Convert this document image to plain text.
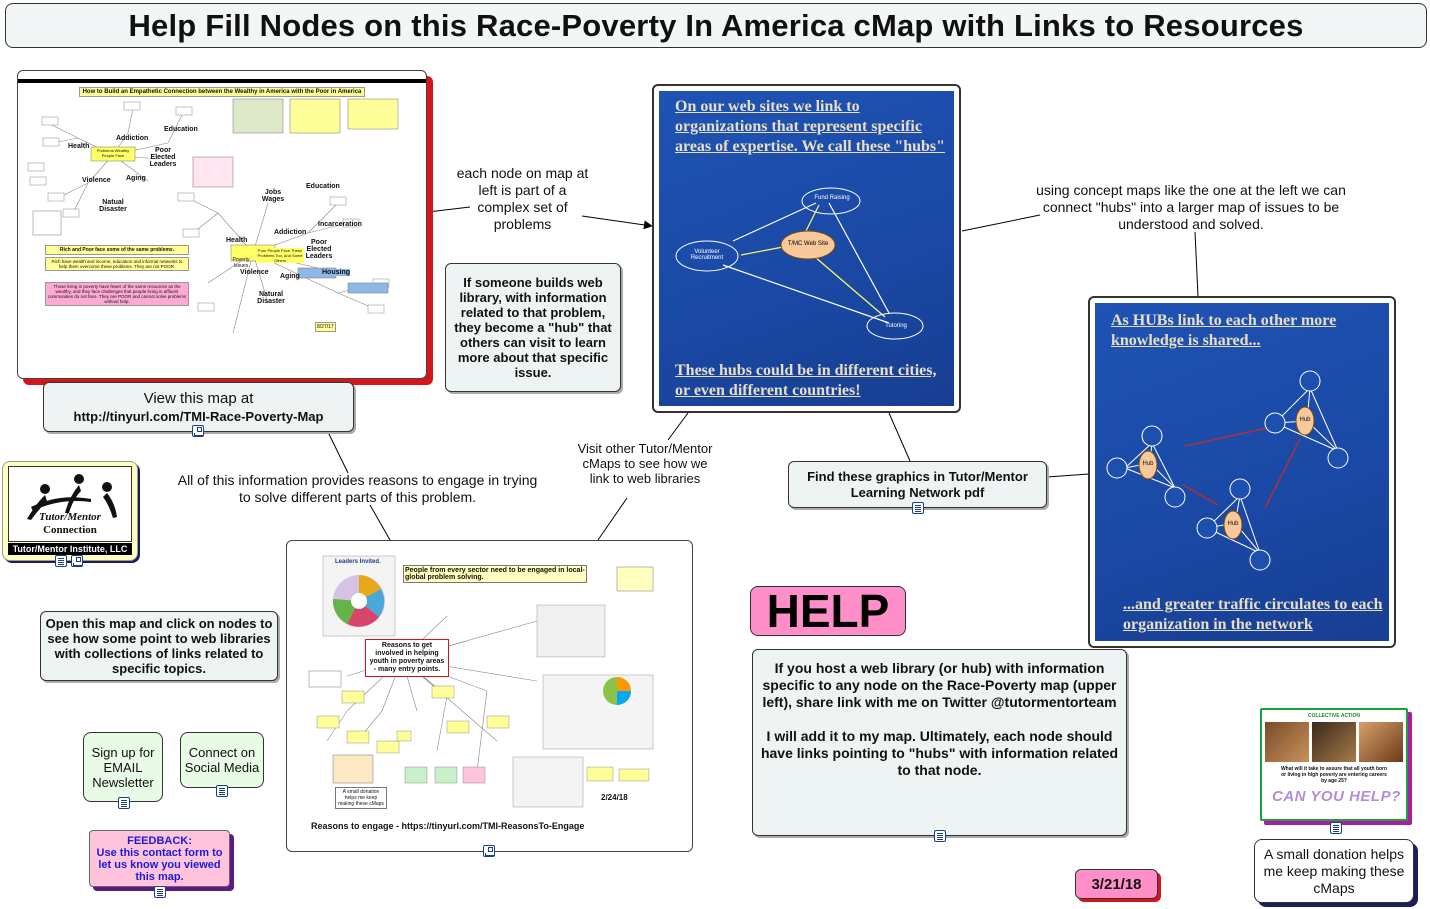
Help Fill Nodes on this Race-Poverty In America cMap with Links to Resources
How to Build an Empathetic Connection between the Wealthy in America with the Poor in America
Addiction
Education
Health
Poor Elected Leaders
Problems Wealthy People Face
Violence Aging
Natual Disaster
Jobs Wages
Education
Incarceration
Addiction
Health	Poor Elected Leaders
Poor People Face These Problems Too, And Some Others
Housing
Poverty Issues
Violence
Aging
Natural Disaster
Rich and Poor face some of the same problems.
Rich have wealth and income, education and informal networks to help them overcome these problems. They are not POOR.
Those living in poverty have fewer of the same resources as the wealthy, and they face challenges that people living in affluent communities do not face. They are POOR and cannot solve problems without help.
8/27/17
View this map at
http://tinyurl.com/TMI-Race-Poverty-Map
each node on map at left is part of a complex set of problems
If someone builds web library, with information related to that problem, they become a "hub" that others can visit to learn more about that specific issue.
On our web sites we link to organizations that represent specific areas of expertise. We call these "hubs"
Fund Raising
Volunteer Recruitment
T/MC Web Site
Tutoring
These hubs could be in different cities, or even different countries!
using concept maps like the one at the left we can connect "hubs" into a larger map of issues to be understood and solved.
As HUBs link to each other more knowledge is shared...
Hub
Hub
Hub
...and greater traffic circulates to each organization in the network
Find these graphics in Tutor/Mentor Learning Network pdf
Visit other Tutor/Mentor cMaps to see how we link to web libraries
All of this information provides reasons to engage in trying to solve different parts of this problem.
Tutor/Mentor
Connection
Tutor/Mentor Institute, LLC
Open this map and click on nodes to see how some point to web libraries with collections of links related to specific topics.
Sign up for EMAIL Newsletter
Connect on Social Media
FEEDBACK:
Use this contact form to let us know you viewed this map.
Leaders Invited.
People from every sector need to be engaged in local-global problem solving.
Reasons to get involved in helping youth in poverty areas - many entry points.
2/24/18
A small donation helps me keep making these cMaps
Reasons to engage - https://tinyurl.com/TMI-ReasonsTo-Engage
HELP
If you host a web library (or hub) with information specific to any node on the Race-Poverty map (upper left), share link with me on Twitter @tutormentorteam
I will add it to my map. Ultimately, each node should have links pointing to "hubs" with information related to that node.
3/21/18
COLLECTIVE ACTION
What will it take to assure that all youth born or living in high poverty are entering careers by age 25?
CAN YOU HELP?
A small donation helps me keep making these cMaps
